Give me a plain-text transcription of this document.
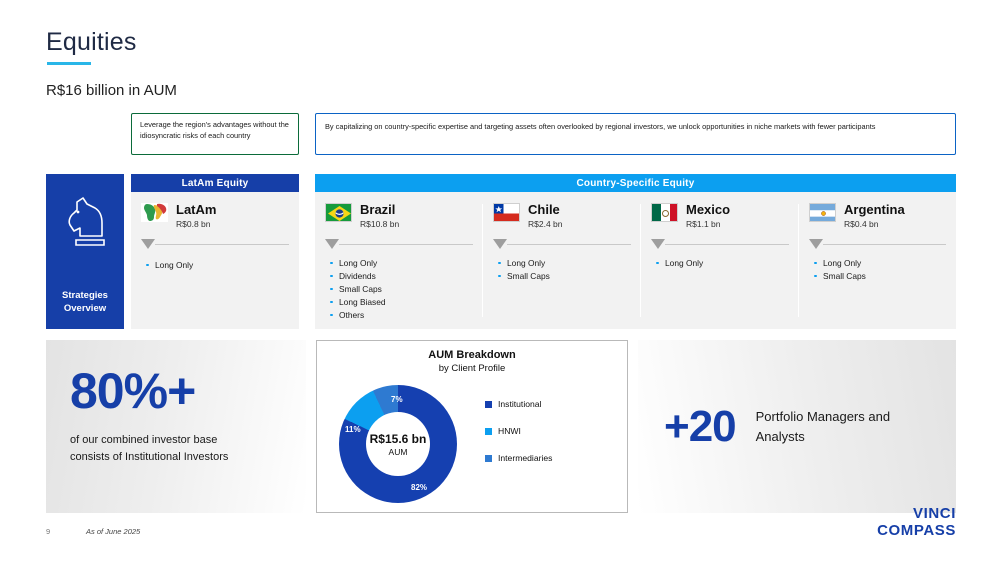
Equities
R$16 billion in AUM
Leverage the region's advantages without the idiosyncratic risks of each country
By capitalizing on country-specific expertise and targeting assets often overlooked by regional investors, we unlock opportunities in niche markets with fewer participants
Strategies
Overview
LatAm Equity
LatAm
R$0.8 bn
Long Only
Country-Specific Equity
Brazil
R$10.8 bn
Long Only
Dividends
Small Caps
Long Biased
Others
Chile
R$2.4 bn
Long Only
Small Caps
Mexico
R$1.1 bn
Long Only
Argentina
R$0.4 bn
Long Only
Small Caps
80%+

of our combined investor base consists of Institutional Investors

AUM Breakdown
by Client Profile
R$15.6 bn
AUM
82%
11%
7%	Institutional
HNWI
Intermediaries
+20 Portfolio Managers and Analysts

9	As of June 2025
VINCI
COMPASS
